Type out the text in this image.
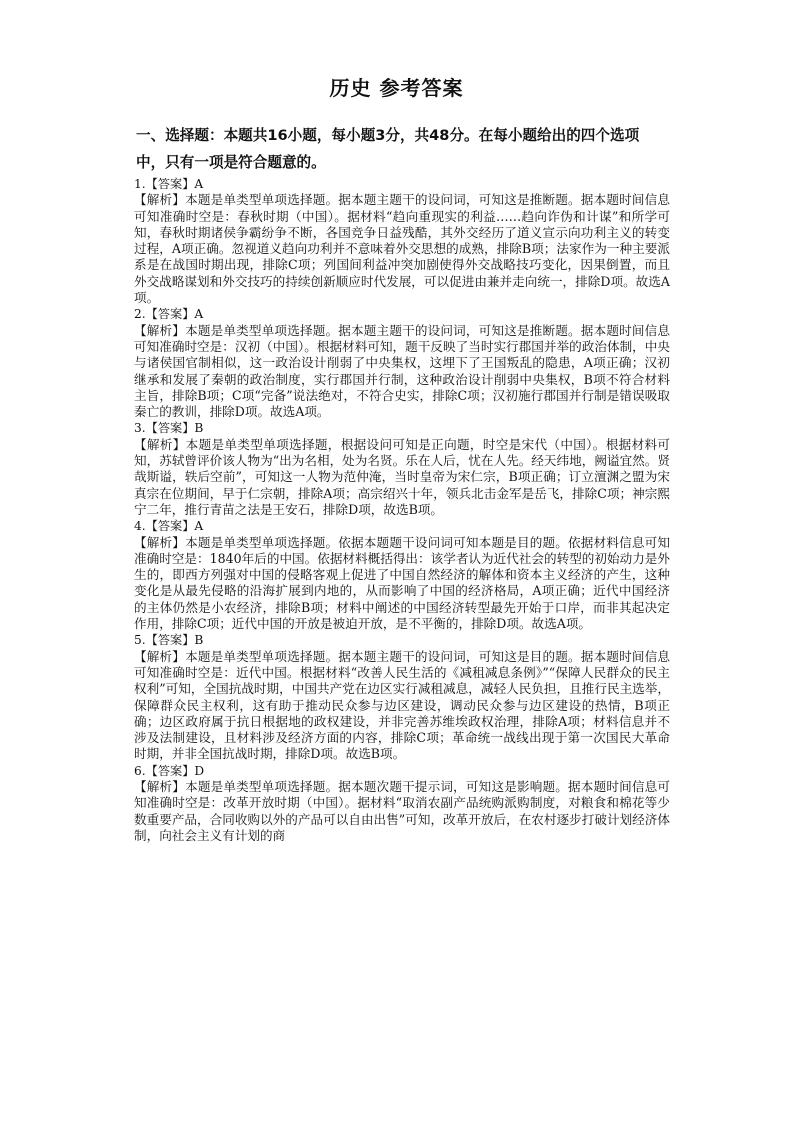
历史 参考答案
一、选择题：本题共16小题，每小题3分，共48分。在每小题给出的四个选项中，只有一项是符合题意的。

1.【答案】A

【解析】本题是单类型单项选择题。据本题主题干的设问词，可知这是推断题。据本题时间信息可知准确时空是：春秋时期（中国）。据材料“趋向重现实的利益……趋向诈伪和计谋”和所学可知，春秋时期诸侯争霸纷争不断，各国竞争日益残酷，其外交经历了道义宣示向功利主义的转变过程，A项正确。忽视道义趋向功利并不意味着外交思想的成熟，排除B项；法家作为一种主要派系是在战国时期出现，排除C项；列国间利益冲突加剧使得外交战略技巧变化，因果倒置，而且外交战略谋划和外交技巧的持续创新顺应时代发展，可以促进由兼并走向统一，排除D项。故选A项。

2.【答案】A

【解析】本题是单类型单项选择题。据本题主题干的设问词，可知这是推断题。据本题时间信息可知准确时空是：汉初（中国）。根据材料可知，题干反映了当时实行郡国并举的政治体制，中央与诸侯国官制相似，这一政治设计削弱了中央集权，这埋下了王国叛乱的隐患，A项正确；汉初继承和发展了秦朝的政治制度，实行郡国并行制，这种政治设计削弱中央集权，B项不符合材料主旨，排除B项；C项“完备”说法绝对，不符合史实，排除C项；汉初施行郡国并行制是错误吸取秦亡的教训，排除D项。故选A项。

3.【答案】B

【解析】本题是单类型单项选择题，根据设问可知是正向题，时空是宋代（中国）。根据材料可知，苏轼曾评价该人物为“出为名相，处为名贤。乐在人后，忧在人先。经天纬地，阙谥宜然。贤哉斯谥，轶后空前”，可知这一人物为范仲淹，当时皇帝为宋仁宗，B项正确；订立澶渊之盟为宋真宗在位期间，早于仁宗朝，排除A项；高宗绍兴十年，领兵北击金军是岳飞，排除C项；神宗熙宁二年，推行青苗之法是王安石，排除D项，故选B项。

4.【答案】A

【解析】本题是单类型单项选择题。依据本题题干设问词可知本题是目的题。依据材料信息可知准确时空是：1840年后的中国。依据材料概括得出：该学者认为近代社会的转型的初始动力是外生的，即西方列强对中国的侵略客观上促进了中国自然经济的解体和资本主义经济的产生，这种变化是从最先侵略的沿海扩展到内地的，从而影响了中国的经济格局，A项正确；近代中国经济的主体仍然是小农经济，排除B项；材料中阐述的中国经济转型最先开始于口岸，而非其起决定作用，排除C项；近代中国的开放是被迫开放，是不平衡的，排除D项。故选A项。

5.【答案】B

【解析】本题是单类型单项选择题。据本题主题干的设问词，可知这是目的题。据本题时间信息可知准确时空是：近代中国。根据材料“改善人民生活的《减租减息条例》”“保障人民群众的民主权利”可知，全国抗战时期，中国共产党在边区实行减租减息，减轻人民负担，且推行民主选举，保障群众民主权利，这有助于推动民众参与边区建设，调动民众参与边区建设的热情，B项正确；边区政府属于抗日根据地的政权建设，并非完善苏维埃政权治理，排除A项；材料信息并不涉及法制建设，且材料涉及经济方面的内容，排除C项；革命统一战线出现于第一次国民大革命时期，并非全国抗战时期，排除D项。故选B项。

6.【答案】D

【解析】本题是单类型单项选择题。据本题次题干提示词，可知这是影响题。据本题时间信息可知准确时空是：改革开放时期（中国）。据材料“取消农副产品统购派购制度，对粮食和棉花等少数重要产品，合同收购以外的产品可以自由出售”可知，改革开放后，在农村逐步打破计划经济体制，向社会主义有计划的商
